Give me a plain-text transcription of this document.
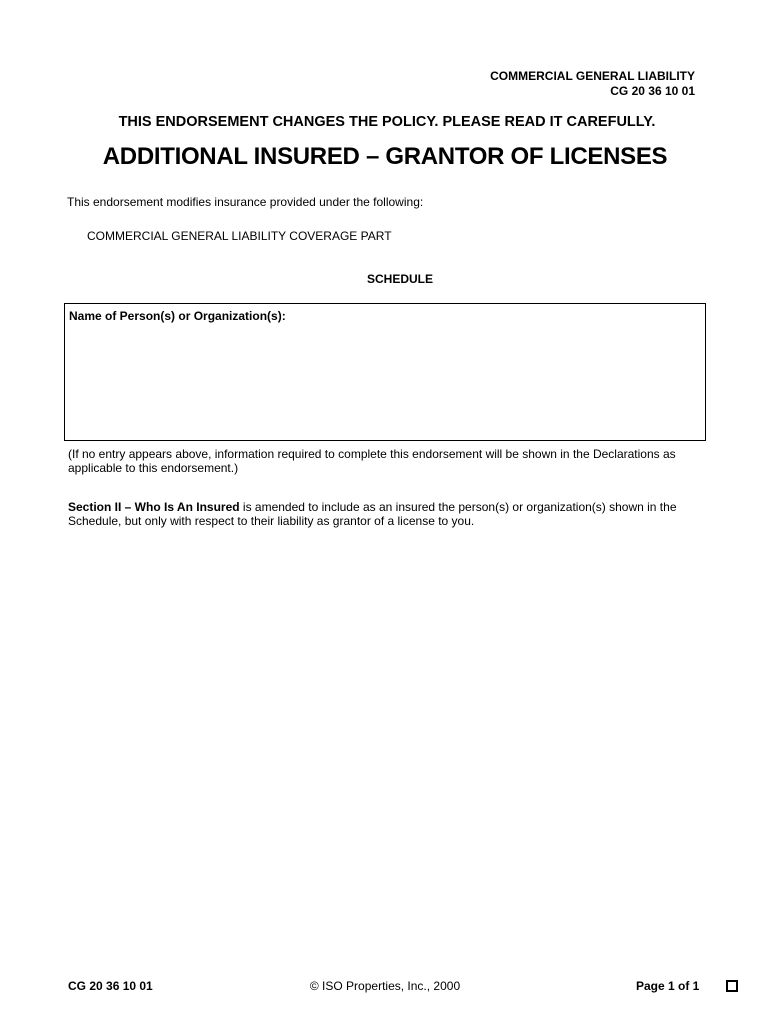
COMMERCIAL GENERAL LIABILITY
CG 20 36 10 01
THIS ENDORSEMENT CHANGES THE POLICY. PLEASE READ IT CAREFULLY.
ADDITIONAL INSURED – GRANTOR OF LICENSES
This endorsement modifies insurance provided under the following:
COMMERCIAL GENERAL LIABILITY COVERAGE PART
SCHEDULE
Name of Person(s) or Organization(s):
(If no entry appears above, information required to complete this endorsement will be shown in the Declarations as applicable to this endorsement.)
Section II – Who Is An Insured is amended to include as an insured the person(s) or organization(s) shown in the Schedule, but only with respect to their liability as grantor of a license to you.
CG 20 36 10 01	© ISO Properties, Inc., 2000	Page 1 of 1
